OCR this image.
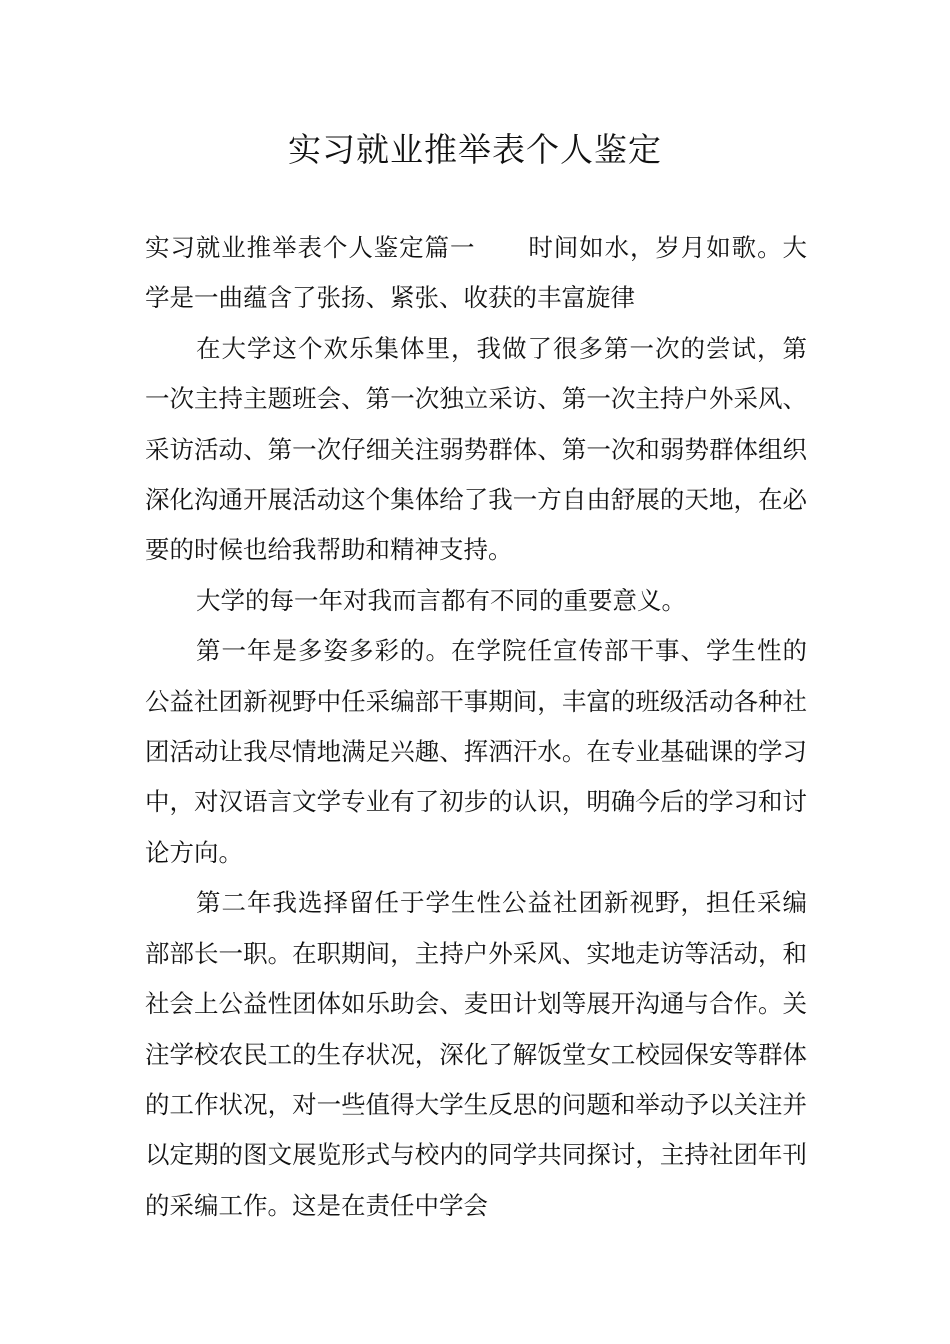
实习就业推举表个人鉴定

实习就业推举表个人鉴定篇一 时间如水，岁月如歌。大学是一曲蕴含了张扬、紧张、收获的丰富旋律

在大学这个欢乐集体里，我做了很多第一次的尝试，第一次主持主题班会、第一次独立采访、第一次主持户外采风、采访活动、第一次仔细关注弱势群体、第一次和弱势群体组织深化沟通开展活动这个集体给了我一方自由舒展的天地，在必要的时候也给我帮助和精神支持。

大学的每一年对我而言都有不同的重要意义。

第一年是多姿多彩的。在学院任宣传部干事、学生性的公益社团新视野中任采编部干事期间，丰富的班级活动各种社团活动让我尽情地满足兴趣、挥洒汗水。在专业基础课的学习中，对汉语言文学专业有了初步的认识，明确今后的学习和讨论方向。

第二年我选择留任于学生性公益社团新视野，担任采编部部长一职。在职期间，主持户外采风、实地走访等活动，和社会上公益性团体如乐助会、麦田计划等展开沟通与合作。关注学校农民工的生存状况，深化了解饭堂女工校园保安等群体的工作状况，对一些值得大学生反思的问题和举动予以关注并以定期的图文展览形式与校内的同学共同探讨，主持社团年刊的采编工作。这是在责任中学会
